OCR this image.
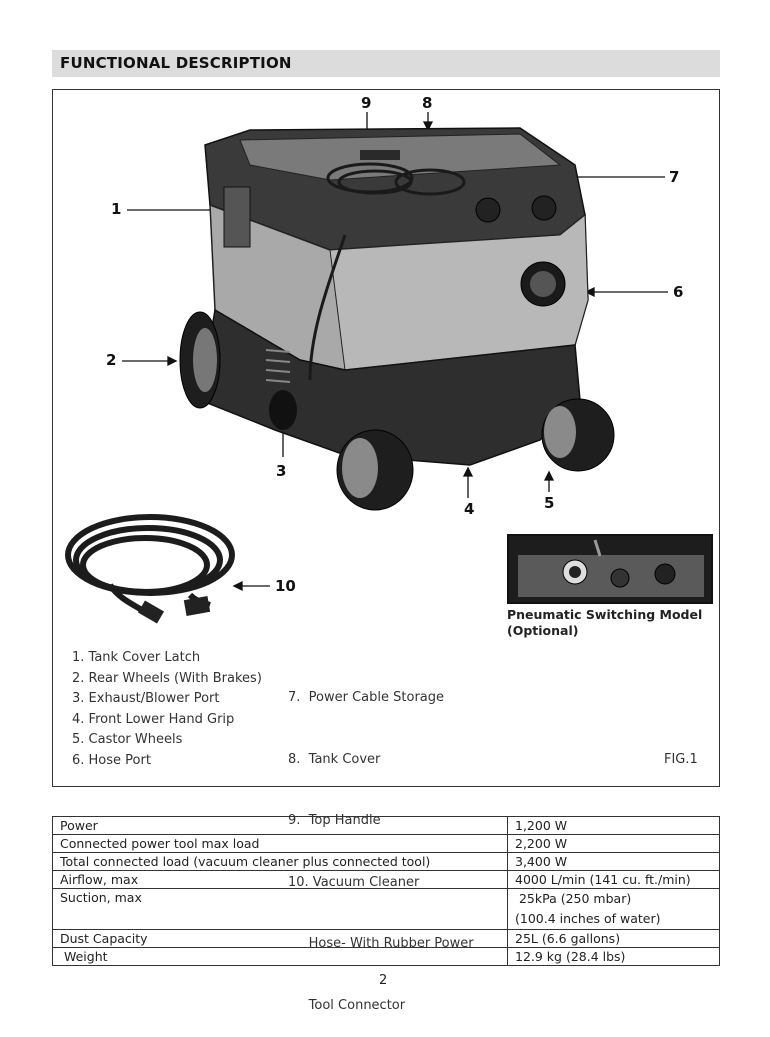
FUNCTIONAL DESCRIPTION
1
2
3
4	5
6
7
8
9
10
Pneumatic Switching Model
(Optional)
1. Tank Cover Latch
2. Rear Wheels (With Brakes)
3. Exhaust/Blower Port
4. Front Lower Hand Grip
5. Castor Wheels
6. Hose Port

7.  Power Cable Storage

8.  Tank Cover

9.  Top Handle

10. Vacuum Cleaner

Hose- With Rubber Power

Tool Connector

FIG.1
Power	1,200 W
Connected power tool max load	2,200 W
Total connected load (vacuum cleaner plus connected tool)	3,400 W
Airflow, max	4000 L/min (141 cu. ft./min)
Suction, max	25kPa (250 mbar)
(100.4 inches of water)

Dust Capacity	25L (6.6 gallons)
Weight	12.9 kg (28.4 lbs)
2
